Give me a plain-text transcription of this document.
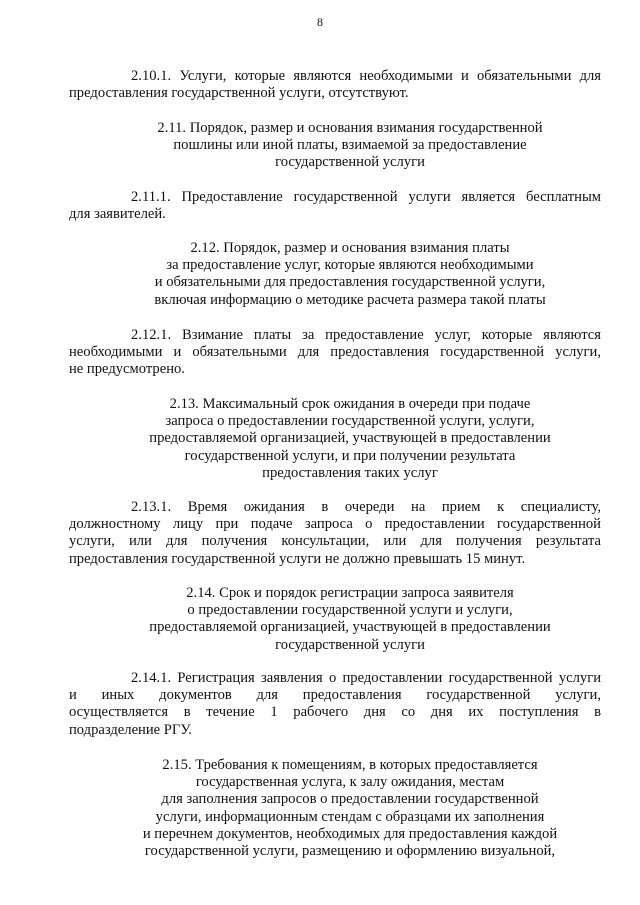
8
2.10.1. Услуги, которые являются необходимыми и обязательными для
предоставления государственной услуги, отсутствуют.
2.11. Порядок, размер и основания взимания государственной
пошлины или иной платы, взимаемой за предоставление
государственной услуги
2.11.1. Предоставление государственной услуги является бесплатным
для заявителей.
2.12. Порядок, размер и основания взимания платы
за предоставление услуг, которые являются необходимыми
и обязательными для предоставления государственной услуги,
включая информацию о методике расчета размера такой платы
2.12.1. Взимание платы за предоставление услуг, которые являются
необходимыми и обязательными для предоставления государственной услуги,
не предусмотрено.
2.13. Максимальный срок ожидания в очереди при подаче
запроса о предоставлении государственной услуги, услуги,
предоставляемой организацией, участвующей в предоставлении
государственной услуги, и при получении результата
предоставления таких услуг
2.13.1. Время ожидания в очереди на прием к специалисту,
должностному лицу при подаче запроса о предоставлении государственной
услуги, или для получения консультации, или для получения результата
предоставления государственной услуги не должно превышать 15 минут.
2.14. Срок и порядок регистрации запроса заявителя
о предоставлении государственной услуги и услуги,
предоставляемой организацией, участвующей в предоставлении
государственной услуги
2.14.1. Регистрация заявления о предоставлении государственной услуги
и иных документов для предоставления государственной услуги,
осуществляется в течение 1 рабочего дня со дня их поступления в
подразделение РГУ.
2.15. Требования к помещениям, в которых предоставляется
государственная услуга, к залу ожидания, местам
для заполнения запросов о предоставлении государственной
услуги, информационным стендам с образцами их заполнения
и перечнем документов, необходимых для предоставления каждой
государственной услуги, размещению и оформлению визуальной,
